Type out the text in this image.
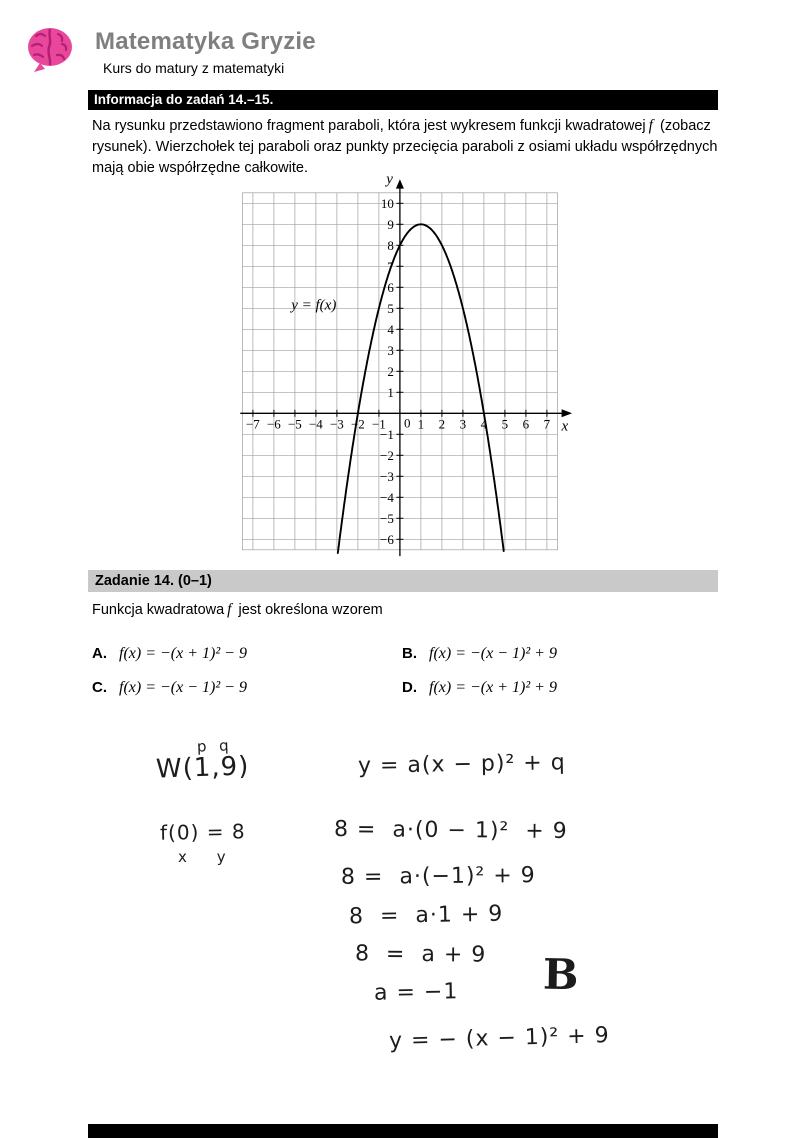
Matematyka Gryzie
Kurs do matury z matematyki
Informacja do zadań 14.–15.

Na rysunku przedstawiono fragment paraboli, która jest wykresem funkcji kwadratowej f (zobacz rysunek). Wierzchołek tej paraboli oraz punkty przecięcia paraboli z osiami układu współrzędnych mają obie współrzędne całkowite.

−7 −6 −5 −4 −3 −2 −1 1 2 3 4 5 6 7
−6
−5
−4
−3
−2
−1
1
2
3
4
5
6
7
8
9
10
0
y
x
y = f(x)
Zadanie 14. (0–1)

Funkcja kwadratowa f jest określona wzorem

A. f(x) = −(x + 1)² − 9	B. f(x) = −(x − 1)² + 9
C. f(x) = −(x − 1)² − 9	D. f(x) = −(x + 1)² + 9
p  q
W(1,9)
f(0) = 8
x     y
y = a(x − p)² + q
8 =  a·(0 − 1)²  + 9
8 =  a·(−1)² + 9
8  =  a·1 + 9
8  =  a + 9
a = −1
y = − (x − 1)² + 9
B
